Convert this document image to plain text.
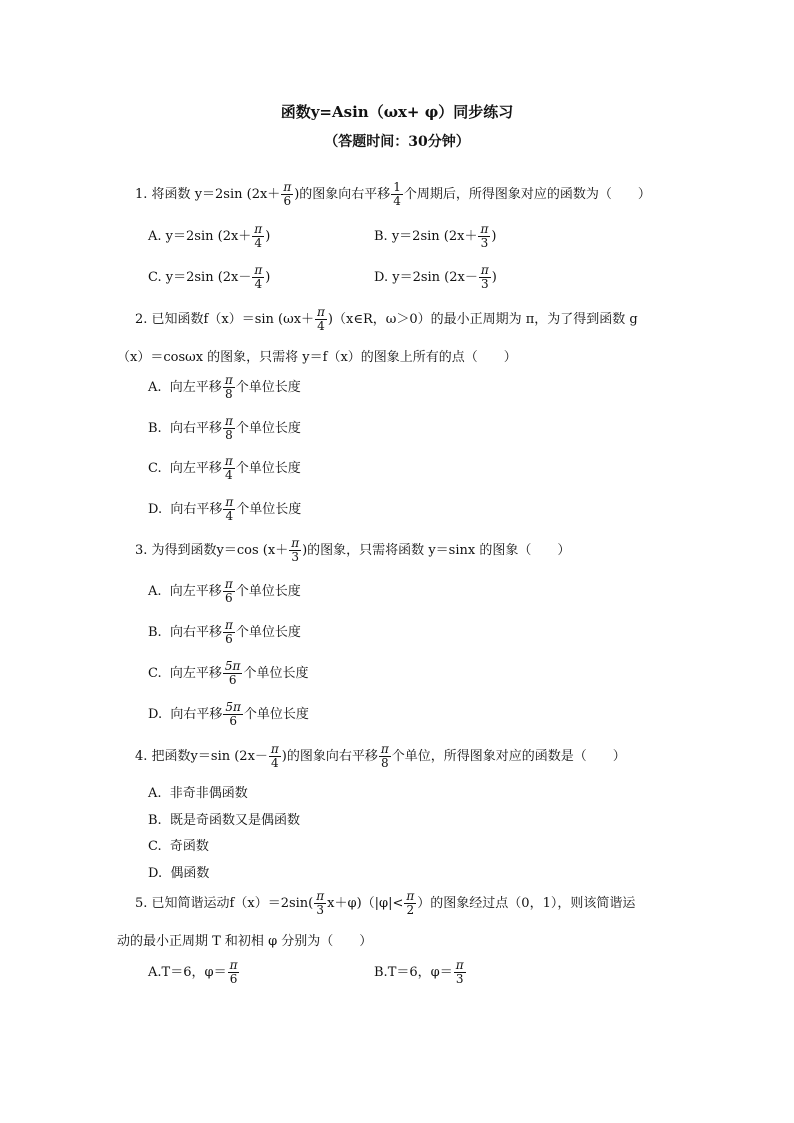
函数y=Asin（ωx+ φ）同步练习
（答题时间：30分钟）
1. 将函数 y＝2sin ($2x+ \frac{\pi}{6}$ )的图象向右平移 $\frac{1}{4}$ 个周期后，所得图象对应的函数为（　　）
A. y＝2sin ($2x+ \frac{\pi}{4}$ )	B. y＝2sin ($2x+ \frac{\pi}{3}$ )
C. y＝2sin ($2x- \frac{\pi}{4}$ )	D. y＝2sin ($2x- \frac{\pi}{3}$ )
2. 已知函数f（x）＝sin ($\omega x+ \frac{\pi}{4}$ )（x∈R，ω＞0）的最小正周期为 π，为了得到函数 g
（x）＝cosωx 的图象，只需将 y＝f（x）的图象上所有的点（　　）
A. 向左平移 $\frac{\pi}{8}$ 个单位长度
B. 向右平移 $\frac{\pi}{8}$ 个单位长度
C. 向左平移 $\frac{\pi}{4}$ 个单位长度
D. 向右平移 $\frac{\pi}{4}$ 个单位长度
3. 为得到函数y＝cos ($x+ \frac{\pi}{3}$ )的图象，只需将函数 y＝sinx 的图象（　　）
A. 向左平移 $\frac{\pi}{6}$ 个单位长度
B. 向右平移 $\frac{\pi}{6}$ 个单位长度
C. 向左平移 $\frac{5\pi}{6}$ 个单位长度
D. 向右平移 $\frac{5\pi}{6}$ 个单位长度
4. 把函数y＝sin ($2x- \frac{\pi}{4}$ )的图象向右平移 $\frac{\pi}{8}$ 个单位，所得图象对应的函数是（　　）
A. 非奇非偶函数
B. 既是奇函数又是偶函数
C. 奇函数
D. 偶函数
5. 已知简谐运动$f(x)=2\sin( \frac{\pi}{3} x+\varphi)(|\varphi|< \frac{\pi}{2}$ ）的图象经过点（0，1），则该简谐运
动的最小正周期 T 和初相 φ 分别为（　　）
A.T＝6，$\varphi= \frac{\pi}{6}$	B.T＝6，$\varphi= \frac{\pi}{3}$
